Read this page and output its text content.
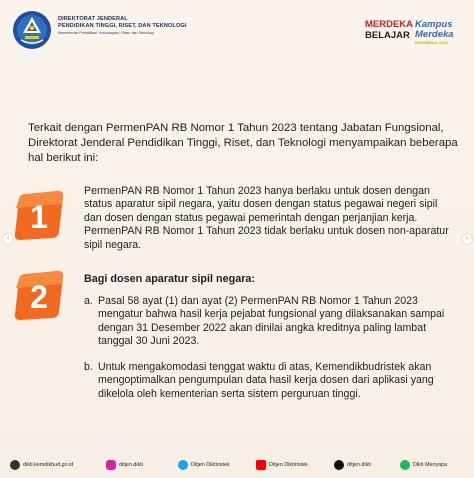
DIREKTORAT JENDERAL
PENDIDIKAN TINGGI, RISET, DAN TEKNOLOGI
Kementerian Pendidikan, Kebudayaan, Riset, dan Teknologi
MERDEKA
BELAJAR
Kampus
Merdeka
INDONESIA JAYA

Terkait dengan PermenPAN RB Nomor 1 Tahun 2023 tentang Jabatan Fungsional, Direktorat Jenderal Pendidikan Tinggi, Riset, dan Teknologi menyampaikan beberapa hal berikut ini:

1

PermenPAN RB Nomor 1 Tahun 2023 hanya berlaku untuk dosen dengan status aparatur sipil negara, yaitu dosen dengan status pegawai negeri sipil dan dosen dengan status pegawai pemerintah dengan perjanjian kerja. PermenPAN RB Nomor 1 Tahun 2023 tidak berlaku untuk dosen non-aparatur sipil negara.

2	Bagi dosen aparatur sipil negara:

a. Pasal 58 ayat (1) dan ayat (2) PermenPAN RB Nomor 1 Tahun 2023 mengatur bahwa hasil kerja pejabat fungsional yang dilaksanakan sampai dengan 31 Desember 2022 akan dinilai angka kreditnya paling lambat tanggal 30 Juni 2023.
b. Untuk mengakomodasi tenggat waktu di atas, Kemendikbudristek akan mengoptimalkan pengumpulan data hasil kerja dosen dari aplikasi yang dikelola oleh kementerian serta sistem perguruan tinggi.
‹	›
dikti.kemdikbud.go.id	ditjen.dikti	Ditjen Diktiristek	Ditjen Diktiristek	ditjen.dikti	Dikti Menyapa
